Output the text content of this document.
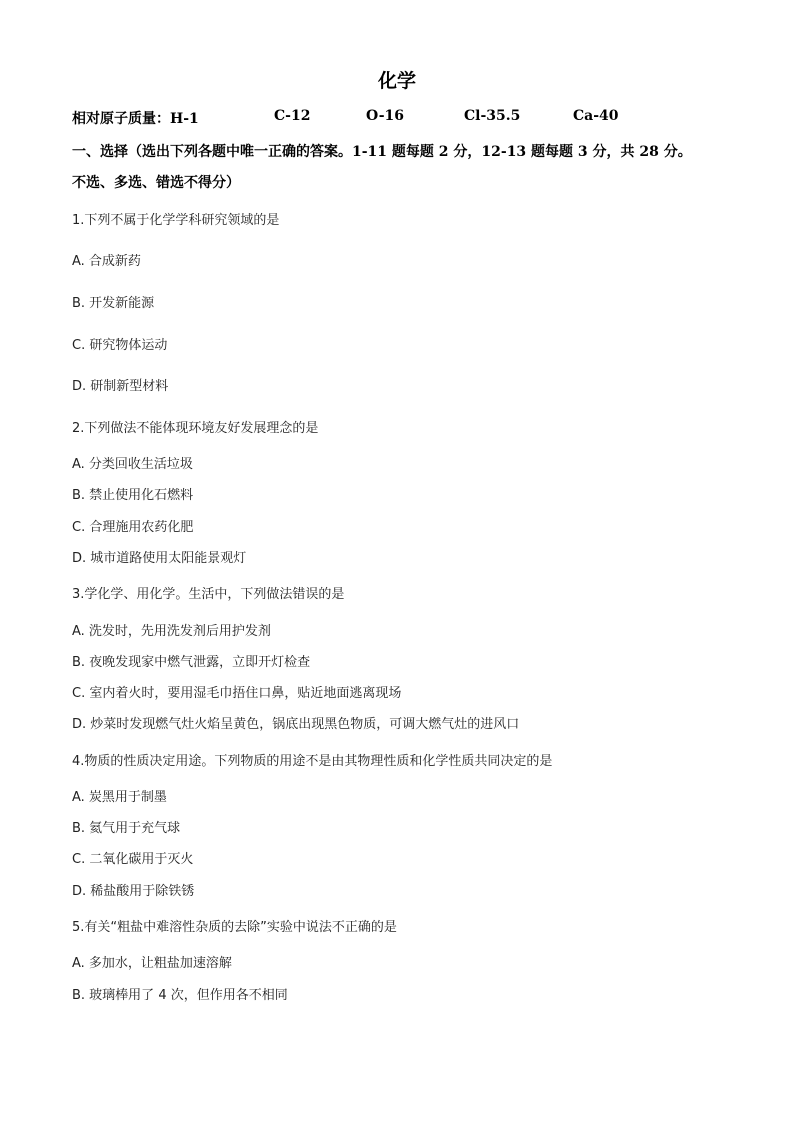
化学
相对原子质量：H-1	C-12	O-16	Cl-35.5	Ca-40
一、选择（选出下列各题中唯一正确的答案。1-11 题每题 2 分，12-13 题每题 3 分，共 28 分。
不选、多选、错选不得分）
1.下列不属于化学学科研究领域的是
A. 合成新药
B. 开发新能源
C. 研究物体运动
D. 研制新型材料
2.下列做法不能体现环境友好发展理念的是
A. 分类回收生活垃圾
B. 禁止使用化石燃料
C. 合理施用农药化肥
D. 城市道路使用太阳能景观灯
3.学化学、用化学。生活中，下列做法错误的是
A. 洗发时，先用洗发剂后用护发剂
B. 夜晚发现家中燃气泄露，立即开灯检查
C. 室内着火时，要用湿毛巾捂住口鼻，贴近地面逃离现场
D. 炒菜时发现燃气灶火焰呈黄色，锅底出现黑色物质，可调大燃气灶的进风口
4.物质的性质决定用途。下列物质的用途不是由其物理性质和化学性质共同决定的是
A. 炭黑用于制墨
B. 氦气用于充气球
C. 二氧化碳用于灭火
D. 稀盐酸用于除铁锈
5.有关“粗盐中难溶性杂质的去除”实验中说法不正确的是
A. 多加水，让粗盐加速溶解
B. 玻璃棒用了 4 次，但作用各不相同
